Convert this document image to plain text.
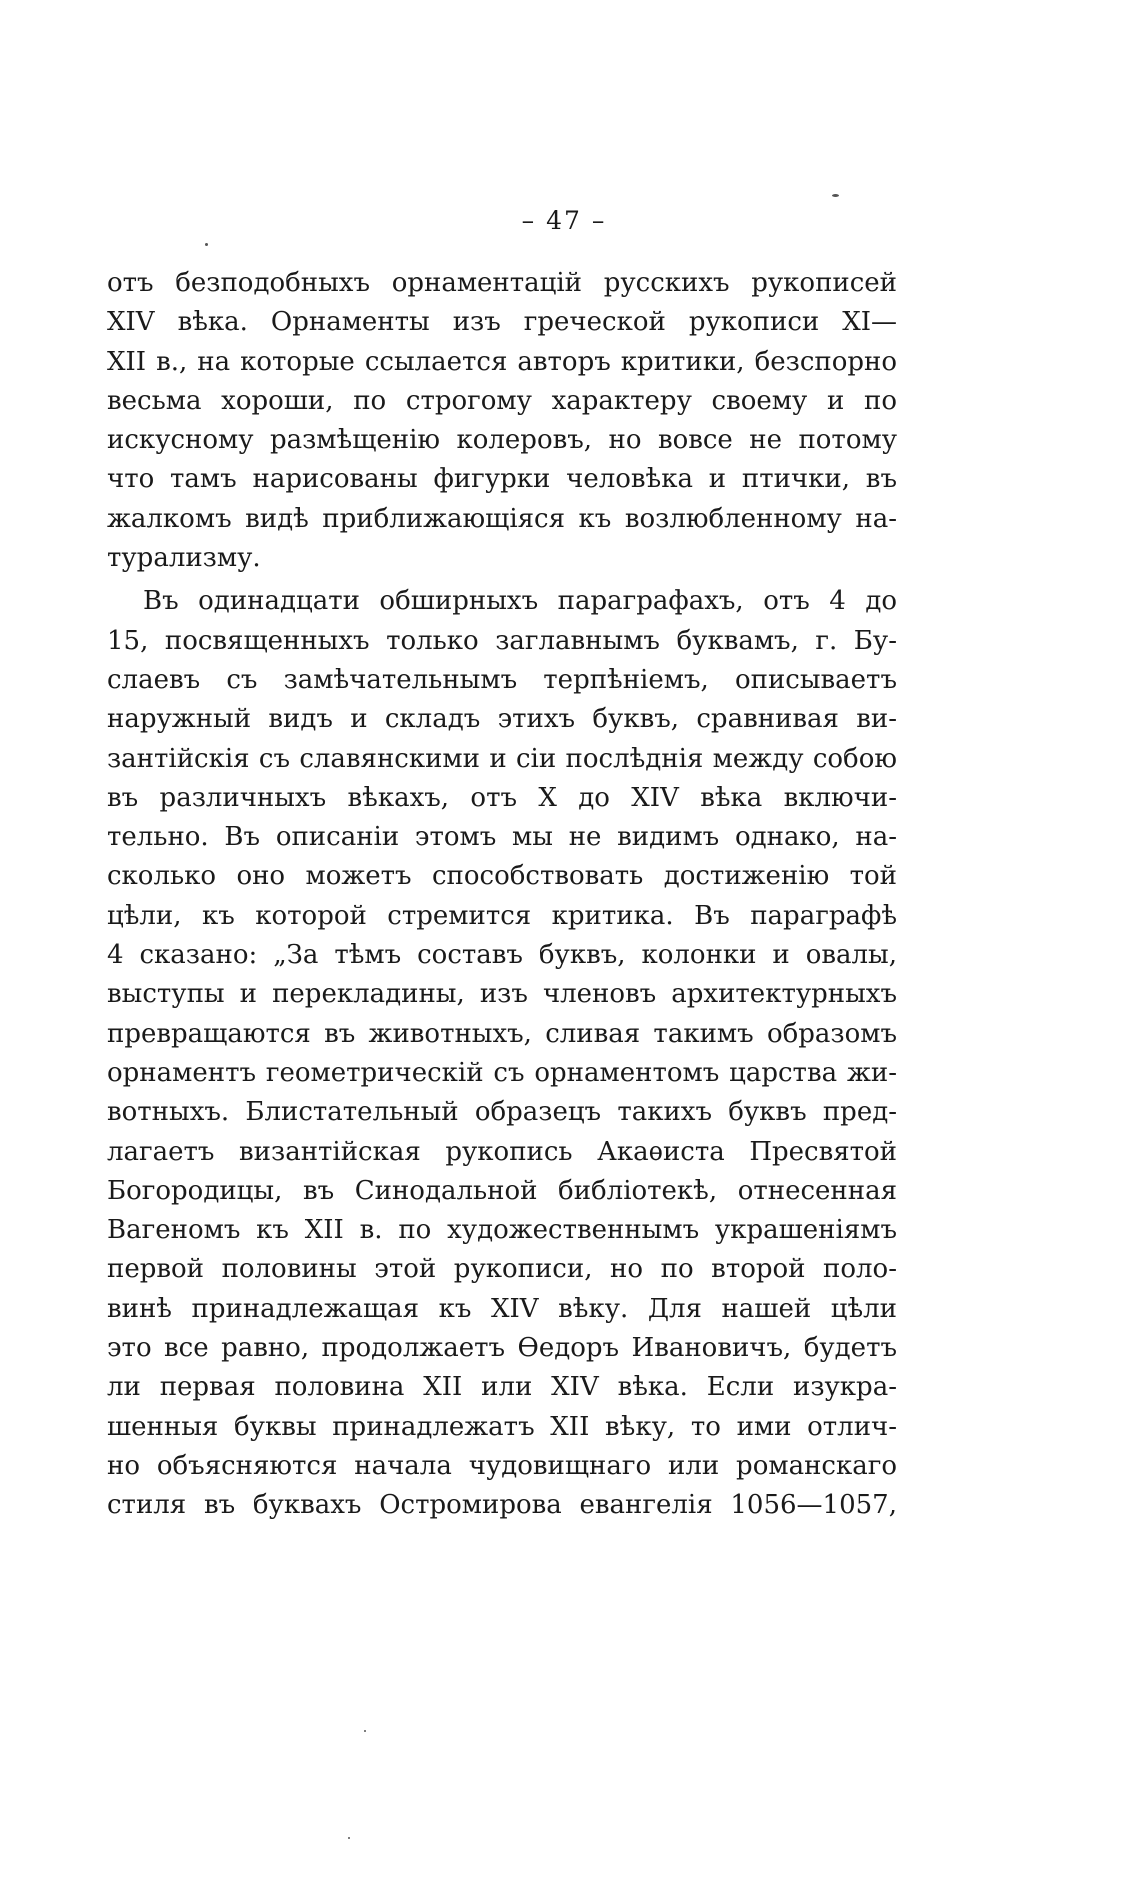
– 47 –
отъ безподобныхъ орнаментацій русскихъ рукописей
XIV вѣка. Орнаменты изъ греческой рукописи XI—
XII в., на которые ссылается авторъ критики, безспорно
весьма хороши, по строгому характеру своему и по
искусному размѣщенію колеровъ, но вовсе не потому
что тамъ нарисованы фигурки человѣка и птички, въ
жалкомъ видѣ приближающіяся къ возлюбленному на-
турализму.
Въ одинадцати обширныхъ параграфахъ, отъ 4 до
15, посвященныхъ только заглавнымъ буквамъ, г. Бу-
слаевъ съ замѣчательнымъ терпѣніемъ, описываетъ
наружный видъ и складъ этихъ буквъ, сравнивая ви-
зантійскія съ славянскими и сіи послѣднія между собою
въ различныхъ вѣкахъ, отъ X до XIV вѣка включи-
тельно. Въ описаніи этомъ мы не видимъ однако, на-
сколько оно можетъ способствовать достиженію той
цѣли, къ которой стремится критика. Въ параграфѣ
4 сказано: „За тѣмъ составъ буквъ, колонки и овалы,
выступы и перекладины, изъ членовъ архитектурныхъ
превращаются въ животныхъ, сливая такимъ образомъ
орнаментъ геометрическій съ орнаментомъ царства жи-
вотныхъ. Блистательный образецъ такихъ буквъ пред-
лагаетъ византійская рукопись Акаѳиста Пресвятой
Богородицы, въ Синодальной библіотекѣ, отнесенная
Вагеномъ къ XII в. по художественнымъ украшеніямъ
первой половины этой рукописи, но по второй поло-
винѣ принадлежащая къ XIV вѣку. Для нашей цѣли
это все равно, продолжаетъ Ѳедоръ Ивановичъ, будетъ
ли первая половина XII или XIV вѣка. Если изукра-
шенныя буквы принадлежатъ XII вѣку, то ими отлич-
но объясняются начала чудовищнаго или романскаго
стиля въ буквахъ Остромирова евангелія 1056—1057,
